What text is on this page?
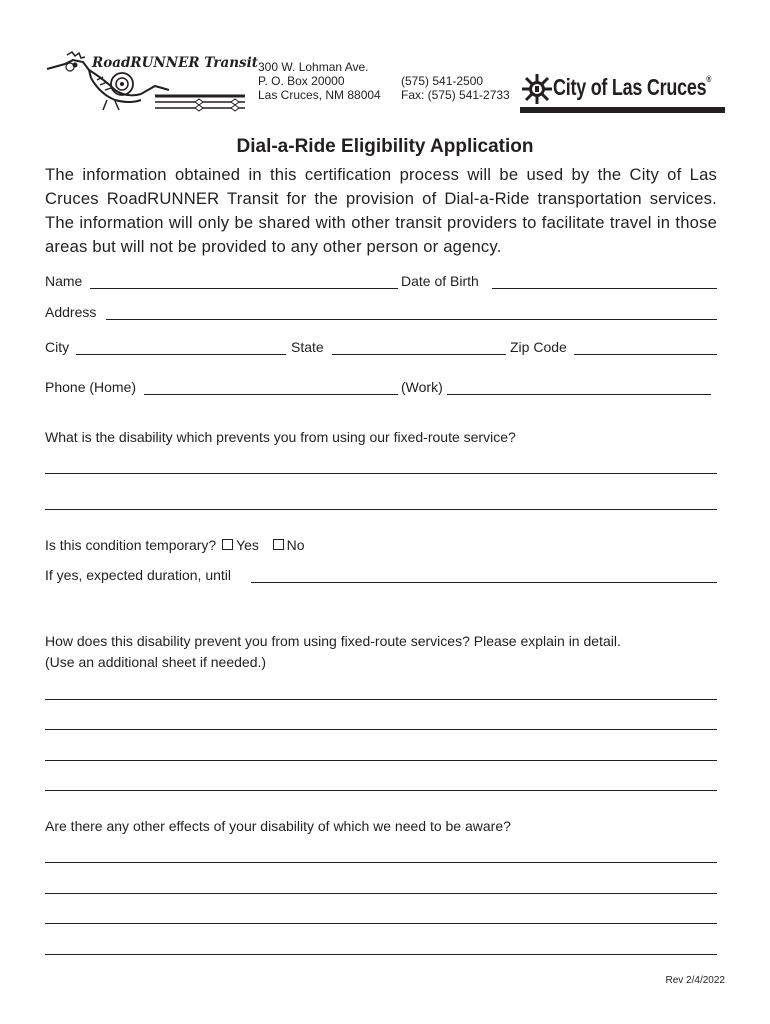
RoadRUNNER Transit 300 W. Lohman Ave.
P. O. Box 20000
Las Cruces, NM 88004
(575) 541-2500
Fax: (575) 541-2733 City of Las Cruces®
Dial-a-Ride Eligibility Application
The information obtained in this certification process will be used by the City of Las Cruces RoadRUNNER Transit for the provision of Dial-a-Ride transportation services. The information will only be shared with other transit providers to facilitate travel in those areas but will not be provided to any other person or agency.
Name	Date of Birth
Address
City	State	Zip Code
Phone (Home)	(Work)
What is the disability which prevents you from using our fixed-route service?
Is this condition temporary? Yes No
If yes, expected duration, until
How does this disability prevent you from using fixed-route services? Please explain in detail.
(Use an additional sheet if needed.)
Are there any other effects of your disability of which we need to be aware?
Rev 2/4/2022
